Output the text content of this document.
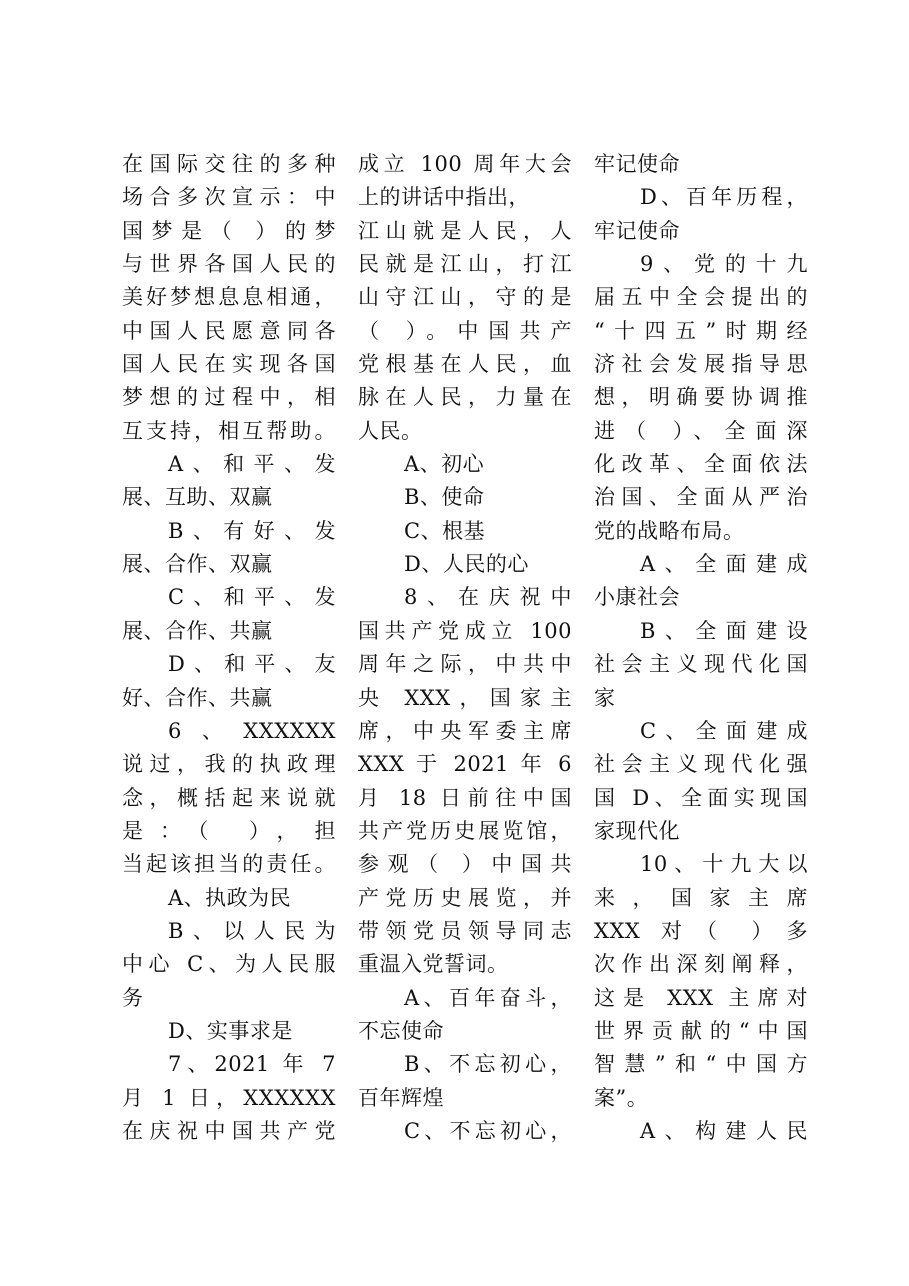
在国际交往的多种
场合多次宣示：中
国梦是（ ）的梦
与世界各国人民的
美好梦想息息相通，
中国人民愿意同各
国人民在实现各国
梦想的过程中，相
互支持，相互帮助。
A、和平、发
展、互助、双赢
B、有好、发
展、合作、双赢
C、和平、发
展、合作、共赢
D、和平、友
好、合作、共赢
6、XXXXXX
说过，我的执政理
念，概括起来说就
是：（ ），担
当起该担当的责任。
A、执政为民
B、以人民为
中心 C、为人民服
务
D、实事求是
7、2021 年 7
月 1 日，XXXXXX
在庆祝中国共产党
成立 100 周年大会
上的讲话中指出，
江山就是人民，人
民就是江山，打江
山守江山，守的是
（ ）。中国共产
党根基在人民，血
脉在人民，力量在
人民。
A、初心
B、使命
C、根基
D、人民的心
8、在庆祝中
国共产党成立 100
周年之际，中共中
央 XXX，国家主
席，中央军委主席
XXX 于 2021 年 6
月 18 日前往中国
共产党历史展览馆，
参观（ ）中国共
产党历史展览，并
带领党员领导同志
重温入党誓词。
A、百年奋斗，
不忘使命
B、不忘初心，
百年辉煌
C、不忘初心，
牢记使命
D、百年历程，
牢记使命
9、党的十九
届五中全会提出的
“十四五”时期经
济社会发展指导思
想，明确要协调推
进（ ）、全面深
化改革、全面依法
治国、全面从严治
党的战略布局。
A、全面建成
小康社会
B、全面建设
社会主义现代化国
家
C、全面建成
社会主义现代化强
国 D、全面实现国
家现代化
10、十九大以
来，国家主席
XXX 对（ ）多
次作出深刻阐释，
这是 XXX 主席对
世界贡献的“中国
智慧”和“中国方
案”。
A、构建人民
